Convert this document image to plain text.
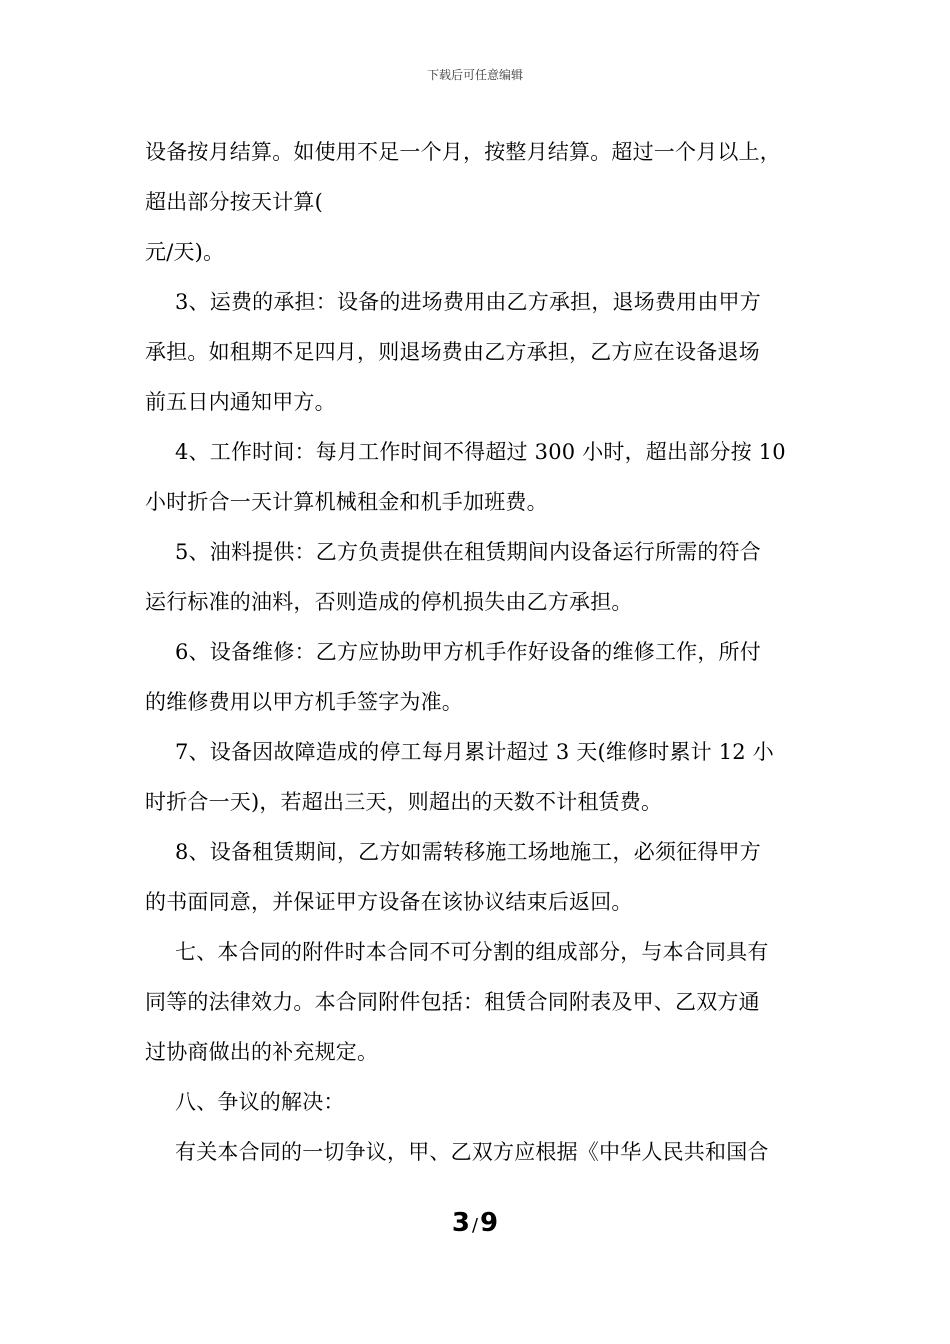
下载后可任意编辑
设备按月结算。如使用不足一个月，按整月结算。超过一个月以上，
超出部分按天计算(
元/天)。
3、运费的承担：设备的进场费用由乙方承担，退场费用由甲方
承担。如租期不足四月，则退场费由乙方承担，乙方应在设备退场
前五日内通知甲方。
4、工作时间：每月工作时间不得超过 300 小时，超出部分按 10
小时折合一天计算机械租金和机手加班费。
5、油料提供：乙方负责提供在租赁期间内设备运行所需的符合
运行标准的油料，否则造成的停机损失由乙方承担。
6、设备维修：乙方应协助甲方机手作好设备的维修工作，所付
的维修费用以甲方机手签字为准。
7、设备因故障造成的停工每月累计超过 3 天(维修时累计 12 小
时折合一天)，若超出三天，则超出的天数不计租赁费。
8、设备租赁期间，乙方如需转移施工场地施工，必须征得甲方
的书面同意，并保证甲方设备在该协议结束后返回。
七、本合同的附件时本合同不可分割的组成部分，与本合同具有
同等的法律效力。本合同附件包括：租赁合同附表及甲、乙双方通
过协商做出的补充规定。
八、争议的解决：
有关本合同的一切争议，甲、乙双方应根据《中华人民共和国合
3 /9
